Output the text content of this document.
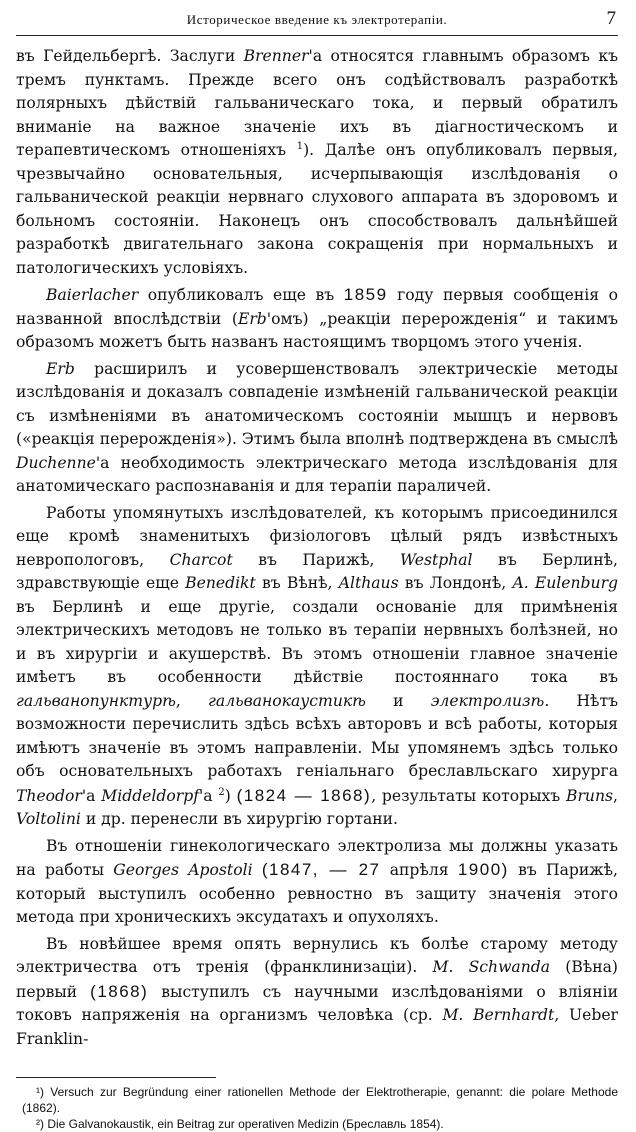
Историческое введение къ электротерапіи.	7

въ Гейдельбергѣ. Заслуги Brenner'а относятся главнымъ образомъ къ тремъ пунктамъ. Прежде всего онъ содѣйствовалъ разработкѣ полярныхъ дѣйствій гальваническаго тока, и первый обратилъ вниманіе на важное значеніе ихъ въ діагностическомъ и терапевтическомъ отношеніяхъ $^1$). Далѣе онъ опубликовалъ первыя, чрезвычайно основательныя, исчерпывающія изслѣдованія о гальванической реакціи нервнаго слухового аппарата въ здоровомъ и больномъ состояніи. Наконецъ онъ способствовалъ дальнѣйшей разработкѣ двигательнаго закона сокращенія при нормальныхъ и патологическихъ условіяхъ.

Baierlacher опубликовалъ еще въ 1859 году первыя сообщенія о названной впослѣдствіи (Erb'омъ) „реакціи перерожденія“ и такимъ образомъ можетъ быть названъ настоящимъ творцомъ этого ученія.

Erb расширилъ и усовершенствовалъ электрическіе методы изслѣдованія и доказалъ совпаденіе измѣненій гальванической реакціи съ измѣненіями въ анатомическомъ состояніи мышцъ и нервовъ («реакція перерожденія»). Этимъ была вполнѣ подтверждена въ смыслѣ Duchenne'а необходимость электрическаго метода изслѣдованія для анатомическаго распознаванія и для терапіи параличей.

Работы упомянутыхъ изслѣдователей, къ которымъ присоединился еще кромѣ знаменитыхъ физіологовъ цѣлый рядъ извѣстныхъ невропологовъ, Charcot въ Парижѣ, Westphal въ Берлинѣ, здравствующіе еще Benedikt въ Вѣнѣ, Althaus въ Лондонѣ, A. Eulenburg въ Берлинѣ и еще другіе, создали основаніе для примѣненія электрическихъ методовъ не только въ терапіи нервныхъ болѣзней, но и въ хирургіи и акушерствѣ. Въ этомъ отношеніи главное значеніе имѣетъ въ особенности дѣйствіе постояннаго тока въ гальванопунктурѣ, гальванокаустикѣ и электролизѣ. Нѣтъ возможности перечислить здѣсь всѣхъ авторовъ и всѣ работы, которыя имѣютъ значеніе въ этомъ направленіи. Мы упомянемъ здѣсь только объ основательныхъ работахъ геніальнаго бреславльскаго хирурга Theodor'а Middeldorpf'а $^2$) (1824 — 1868), результаты которыхъ Bruns, Voltolini и др. перенесли въ хирургію гортани.

Въ отношеніи гинекологическаго электролиза мы должны указать на работы Georges Apostoli (1847, — 27 апрѣля 1900) въ Парижѣ, который выступилъ особенно ревностно въ защиту значенія этого метода при хроническихъ эксудатахъ и опухоляхъ.

Въ новѣйшее время опять вернулись къ болѣе старому методу электричества отъ тренія (франклинизаціи). M. Schwanda (Вѣна) первый (1868) выступилъ съ научными изслѣдованіями о вліяніи токовъ напряженія на организмъ человѣка (ср. M. Bernhardt, Ueber Franklin-

¹) Versuch zur Begründung einer rationellen Methode der Elektrotherapie, genannt: die polare Methode (1862).

²) Die Galvanokaustik, ein Beitrag zur operativen Medizin (Бреславль 1854).
